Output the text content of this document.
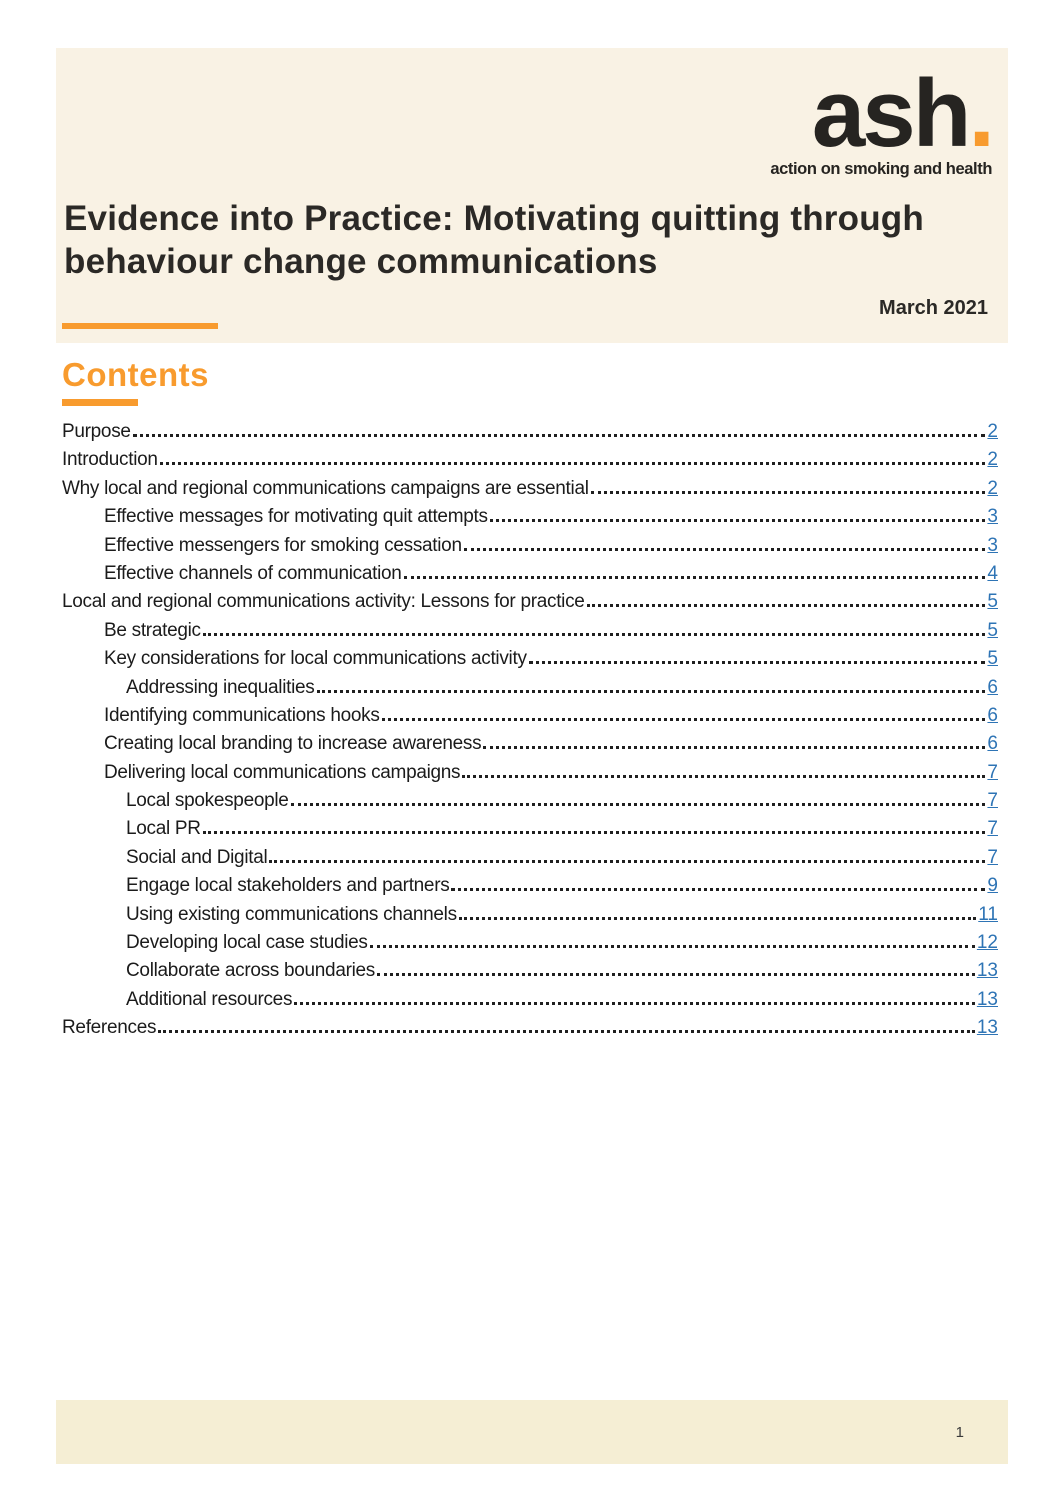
ash.
action on smoking and health
Evidence into Practice: Motivating quitting through behaviour change communications
March 2021
Contents
Purpose	2
Introduction	2
Why local and regional communications campaigns are essential	2
Effective messages for motivating quit attempts	3
Effective messengers for smoking cessation	3
Effective channels of communication	4
Local and regional communications activity: Lessons for practice	5
Be strategic	5
Key considerations for local communications activity	5
Addressing inequalities	6
Identifying communications hooks	6
Creating local branding to increase awareness	6
Delivering local communications campaigns	7
Local spokespeople	7
Local PR	7
Social and Digital	7
Engage local stakeholders and partners	9
Using existing communications channels	11
Developing local case studies	12
Collaborate across boundaries	13
Additional resources	13
References	13
1
